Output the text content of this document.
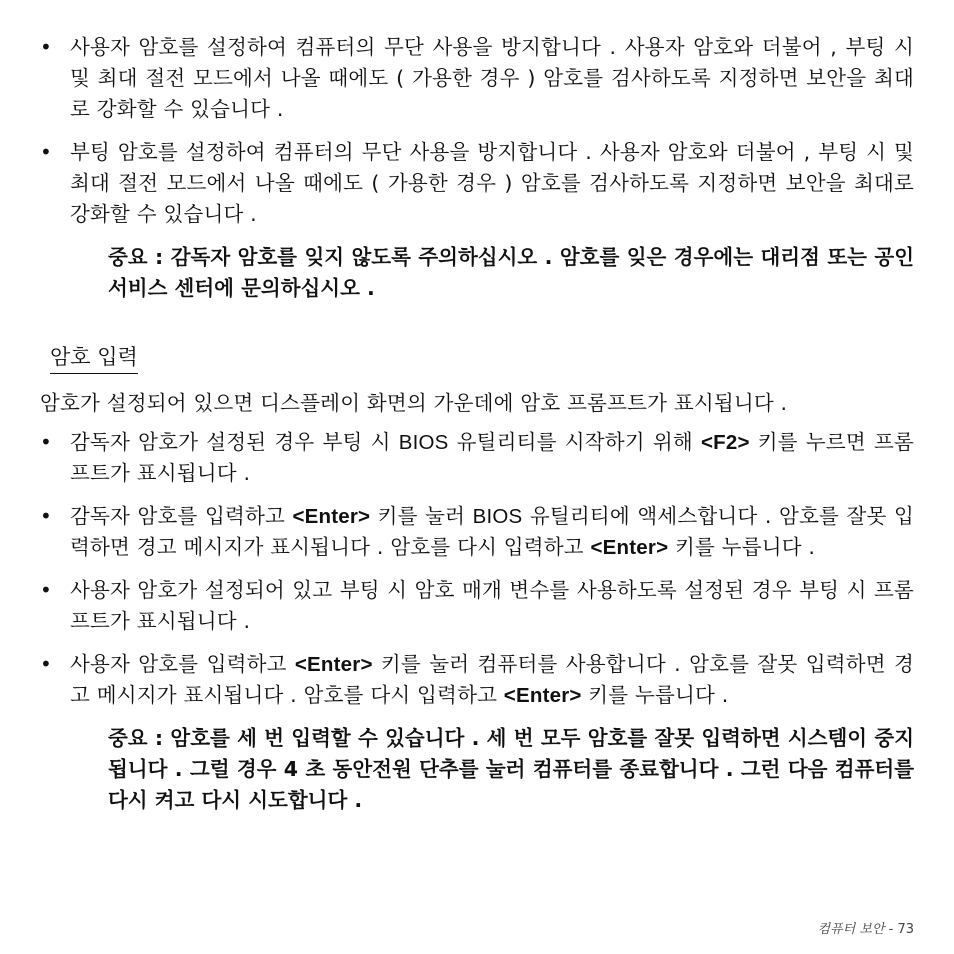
• 사용자 암호를 설정하여 컴퓨터의 무단 사용을 방지합니다 . 사용자 암호와 더불어 , 부팅 시 및 최대 절전 모드에서 나올 때에도 ( 가용한 경우 ) 암호를 검사하도록 지정하면 보안을 최대로 강화할 수 있습니다 .

• 부팅 암호를 설정하여 컴퓨터의 무단 사용을 방지합니다 . 사용자 암호와 더불어 , 부팅 시 및 최대 절전 모드에서 나올 때에도 ( 가용한 경우 ) 암호를 검사하도록 지정하면 보안을 최대로 강화할 수 있습니다 .

중요 : 감독자 암호를 잊지 않도록 주의하십시오 . 암호를 잊은 경우에는 대리점 또는 공인 서비스 센터에 문의하십시오 .

암호 입력

암호가 설정되어 있으면 디스플레이 화면의 가운데에 암호 프롬프트가 표시됩니다 .

• 감독자 암호가 설정된 경우 부팅 시 BIOS 유틸리티를 시작하기 위해 <F2> 키를 누르면 프롬프트가 표시됩니다 .

• 감독자 암호를 입력하고 <Enter> 키를 눌러 BIOS 유틸리티에 액세스합니다 . 암호를 잘못 입력하면 경고 메시지가 표시됩니다 . 암호를 다시 입력하고 <Enter> 키를 누릅니다 .

• 사용자 암호가 설정되어 있고 부팅 시 암호 매개 변수를 사용하도록 설정된 경우 부팅 시 프롬프트가 표시됩니다 .

• 사용자 암호를 입력하고 <Enter> 키를 눌러 컴퓨터를 사용합니다 . 암호를 잘못 입력하면 경고 메시지가 표시됩니다 . 암호를 다시 입력하고 <Enter> 키를 누릅니다 .

중요 : 암호를 세 번 입력할 수 있습니다 . 세 번 모두 암호를 잘못 입력하면 시스템이 중지됩니다 . 그럴 경우 4 초 동안전원 단추를 눌러 컴퓨터를 종료합니다 . 그런 다음 컴퓨터를 다시 켜고 다시 시도합니다 .

컴퓨터 보안 - 73
